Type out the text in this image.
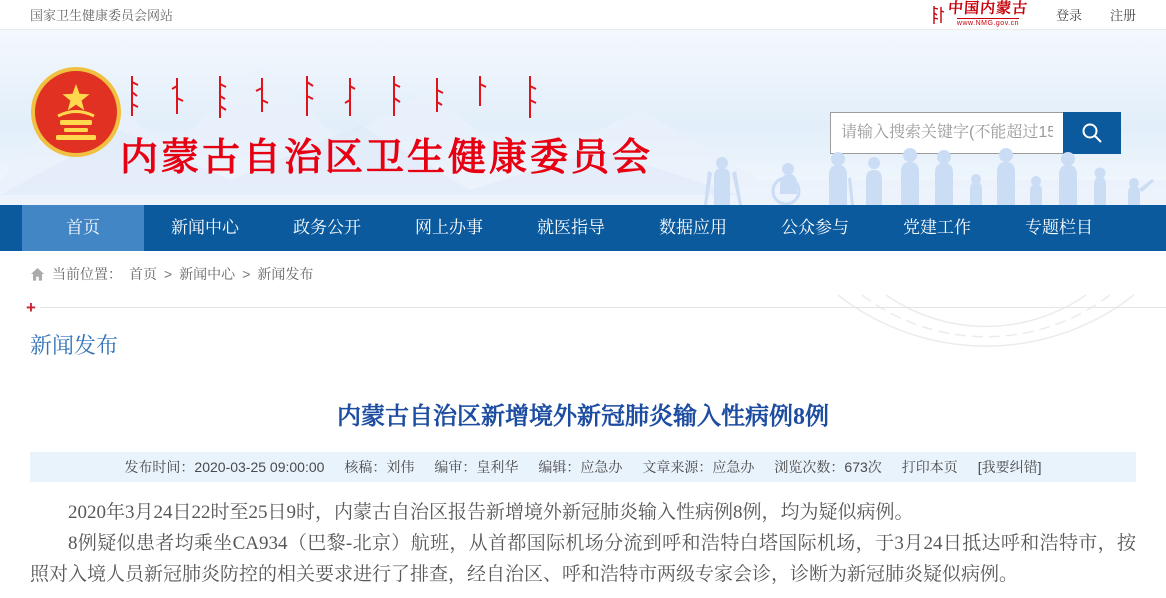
国家卫生健康委员会网站	中国内蒙古
www.NMG.gov.cn
登录 注册
内蒙古自治区卫生健康委员会
请输入搜索关键字(不能超过15)
首页	新闻中心	政务公开	网上办事	就医指导	数据应用	公众参与	党建工作	专题栏目
当前位置： 首页 > 新闻中心 > 新闻发布
+
新闻发布
内蒙古自治区新增境外新冠肺炎输入性病例8例
发布时间：2020-03-25 09:00:00 核稿：刘伟 编审：皇利华 编辑：应急办 文章来源：应急办 浏览次数：673次 打印本页 [我要纠错]

2020年3月24日22时至25日9时，内蒙古自治区报告新增境外新冠肺炎输入性病例8例，均为疑似病例。

8例疑似患者均乘坐CA934（巴黎-北京）航班，从首都国际机场分流到呼和浩特白塔国际机场，于3月24日抵达呼和浩特市，按照对入境人员新冠肺炎防控的相关要求进行了排查，经自治区、呼和浩特市两级专家会诊，诊断为新冠肺炎疑似病例。
